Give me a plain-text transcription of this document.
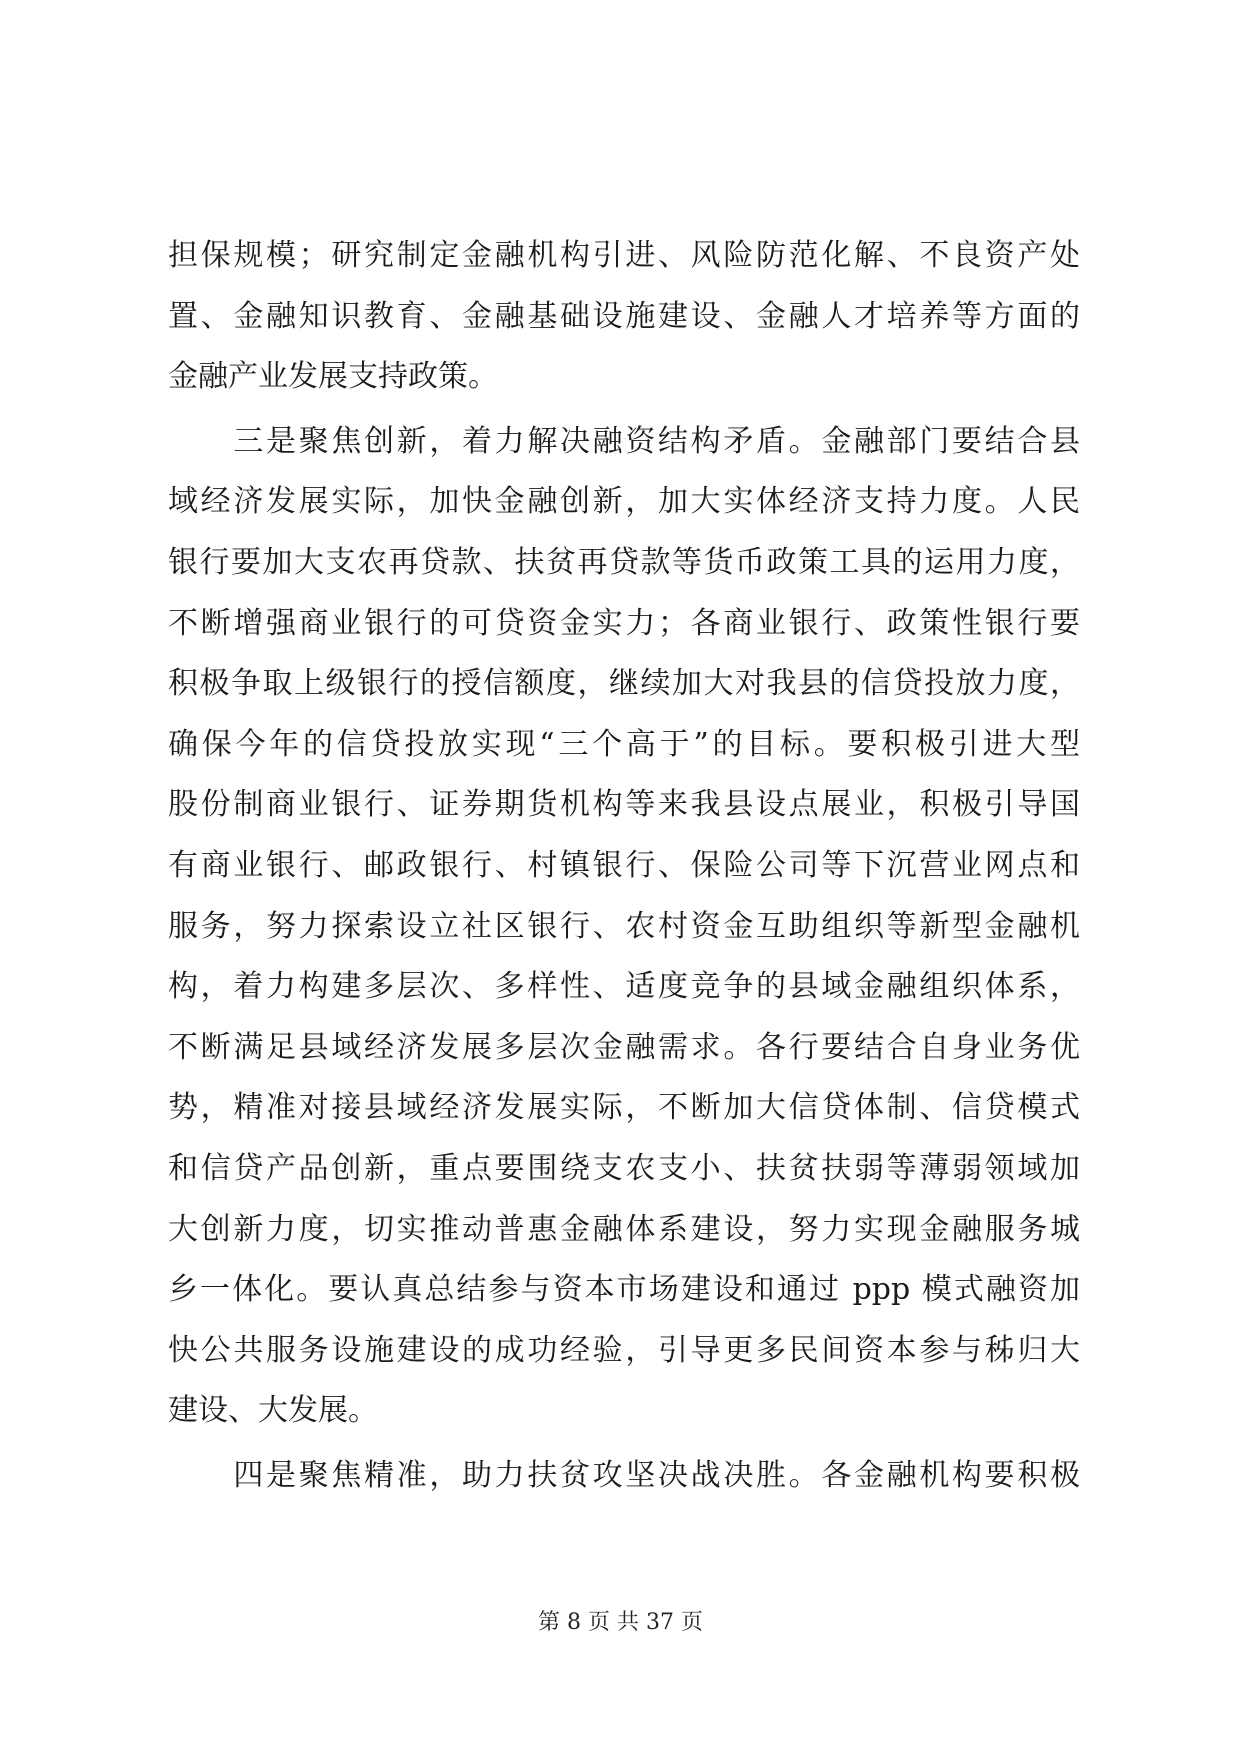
担保规模；研究制定金融机构引进、风险防范化解、不良资产处
置、金融知识教育、金融基础设施建设、金融人才培养等方面的
金融产业发展支持政策。
　　三是聚焦创新，着力解决融资结构矛盾。金融部门要结合县
域经济发展实际，加快金融创新，加大实体经济支持力度。人民
银行要加大支农再贷款、扶贫再贷款等货币政策工具的运用力度，
不断增强商业银行的可贷资金实力；各商业银行、政策性银行要
积极争取上级银行的授信额度，继续加大对我县的信贷投放力度，
确保今年的信贷投放实现“三个高于”的目标。要积极引进大型
股份制商业银行、证券期货机构等来我县设点展业，积极引导国
有商业银行、邮政银行、村镇银行、保险公司等下沉营业网点和
服务，努力探索设立社区银行、农村资金互助组织等新型金融机
构，着力构建多层次、多样性、适度竞争的县域金融组织体系，
不断满足县域经济发展多层次金融需求。各行要结合自身业务优
势，精准对接县域经济发展实际，不断加大信贷体制、信贷模式
和信贷产品创新，重点要围绕支农支小、扶贫扶弱等薄弱领域加
大创新力度，切实推动普惠金融体系建设，努力实现金融服务城
乡一体化。要认真总结参与资本市场建设和通过 ppp 模式融资加
快公共服务设施建设的成功经验，引导更多民间资本参与秭归大
建设、大发展。
　　四是聚焦精准，助力扶贫攻坚决战决胜。各金融机构要积极
第 8 页 共 37 页
